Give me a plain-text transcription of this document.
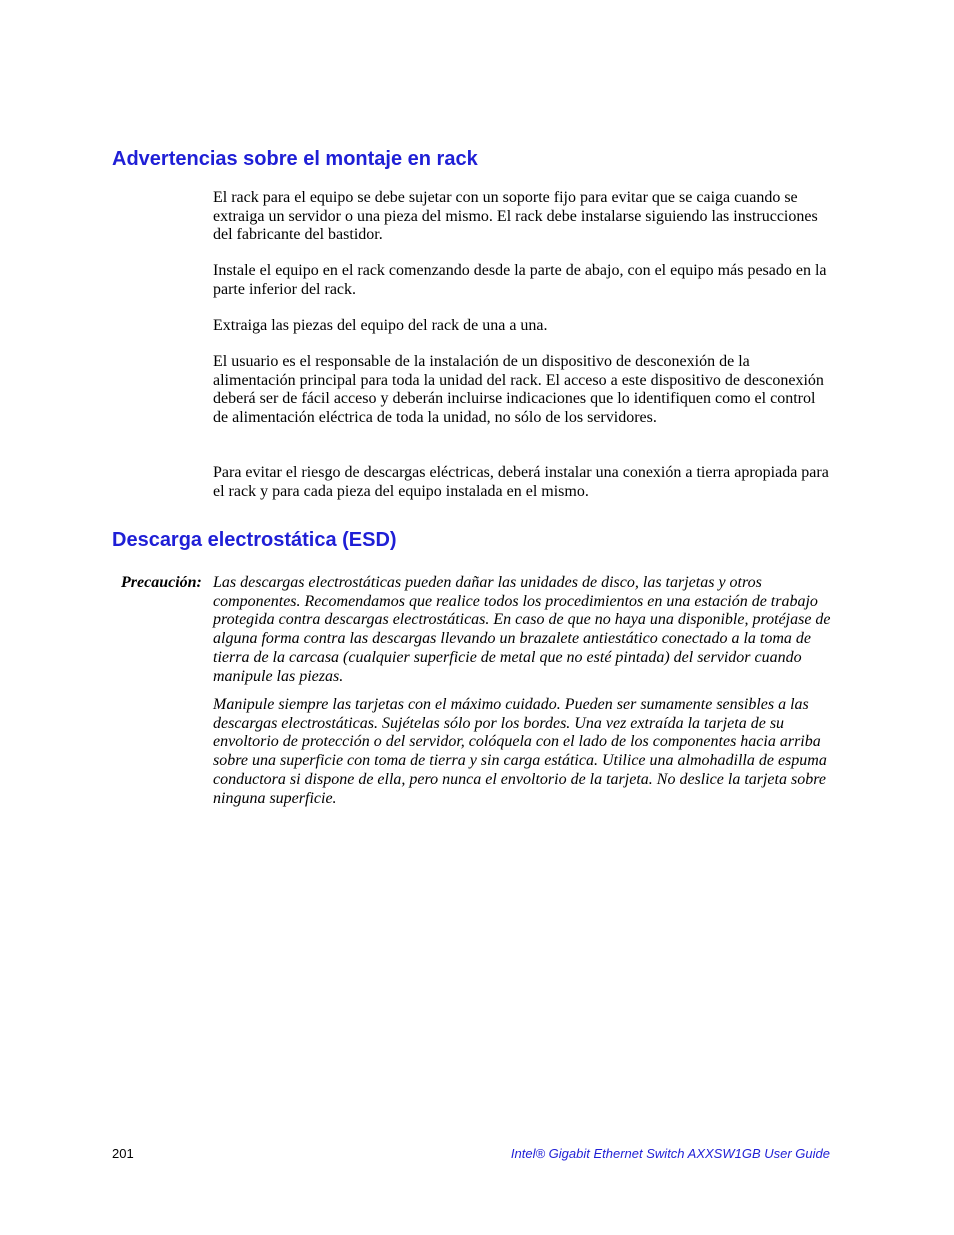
Advertencias sobre el montaje en rack

El rack para el equipo se debe sujetar con un soporte fijo para evitar que se caiga cuando se extraiga un servidor o una pieza del mismo. El rack debe instalarse siguiendo las instrucciones del fabricante del bastidor.

Instale el equipo en el rack comenzando desde la parte de abajo, con el equipo más pesado en la parte inferior del rack.

Extraiga las piezas del equipo del rack de una a una.

El usuario es el responsable de la instalación de un dispositivo de desconexión de la alimentación principal para toda la unidad del rack. El acceso a este dispositivo de desconexión deberá ser de fácil acceso y deberán incluirse indicaciones que lo identifiquen como el control de alimentación eléctrica de toda la unidad, no sólo de los servidores.

Para evitar el riesgo de descargas eléctricas, deberá instalar una conexión a tierra apropiada para el rack y para cada pieza del equipo instalada en el mismo.

Descarga electrostática (ESD)
Precaución: Las descargas electrostáticas pueden dañar las unidades de disco, las tarjetas y otros componentes. Recomendamos que realice todos los procedimientos en una estación de trabajo protegida contra descargas electrostáticas. En caso de que no haya una disponible, protéjase de alguna forma contra las descargas llevando un brazalete antiestático conectado a la toma de tierra de la carcasa (cualquier superficie de metal que no esté pintada) del servidor cuando manipule las piezas.

Manipule siempre las tarjetas con el máximo cuidado. Pueden ser sumamente sensibles a las descargas electrostáticas. Sujételas sólo por los bordes. Una vez extraída la tarjeta de su envoltorio de protección o del servidor, colóquela con el lado de los componentes hacia arriba sobre una superficie con toma de tierra y sin carga estática. Utilice una almohadilla de espuma conductora si dispone de ella, pero nunca el envoltorio de la tarjeta. No deslice la tarjeta sobre ninguna superficie.

201	Intel® Gigabit Ethernet Switch AXXSW1GB User Guide
